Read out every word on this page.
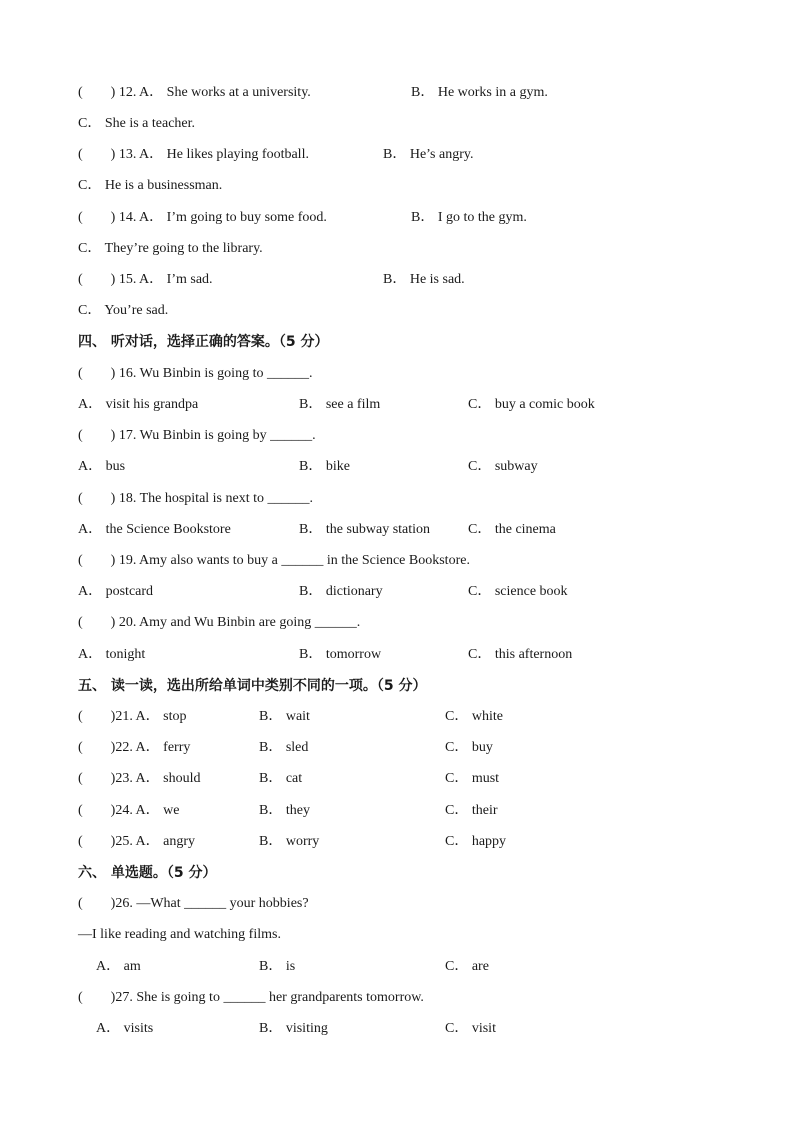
(        ) 12. A． She works at a university.	B． He works in a gym.
C． She is a teacher.
(        ) 13. A． He likes playing football.	B． He’s angry.
C． He is a businessman.
(        ) 14. A． I’m going to buy some food.	B． I go to the gym.
C． They’re going to the library.
(        ) 15. A． I’m sad.	B． He is sad.
C． You’re sad.
四、 听对话，选择正确的答案。（5 分）
(        ) 16. Wu Binbin is going to ______.
A． visit his grandpa	B． see a film	C． buy a comic book
(        ) 17. Wu Binbin is going by ______.
A． bus	B． bike	C． subway
(        ) 18. The hospital is next to ______.
A． the Science Bookstore	B． the subway station	C． the cinema
(        ) 19. Amy also wants to buy a ______ in the Science Bookstore.
A． postcard	B． dictionary	C． science book
(        ) 20. Amy and Wu Binbin are going ______.
A． tonight	B． tomorrow	C． this afternoon
五、 读一读，选出所给单词中类别不同的一项。（5 分）
(        )21. A． stop	B． wait	C． white
(        )22. A． ferry	B． sled	C． buy
(        )23. A． should	B． cat	C． must
(        )24. A． we	B． they	C． their
(        )25. A． angry	B． worry	C． happy
六、 单选题。（5 分）
(        )26. —What ______ your hobbies?
—I like reading and watching films.
A． am	B． is	C． are
(        )27. She is going to ______ her grandparents tomorrow.
A． visits	B． visiting	C． visit
